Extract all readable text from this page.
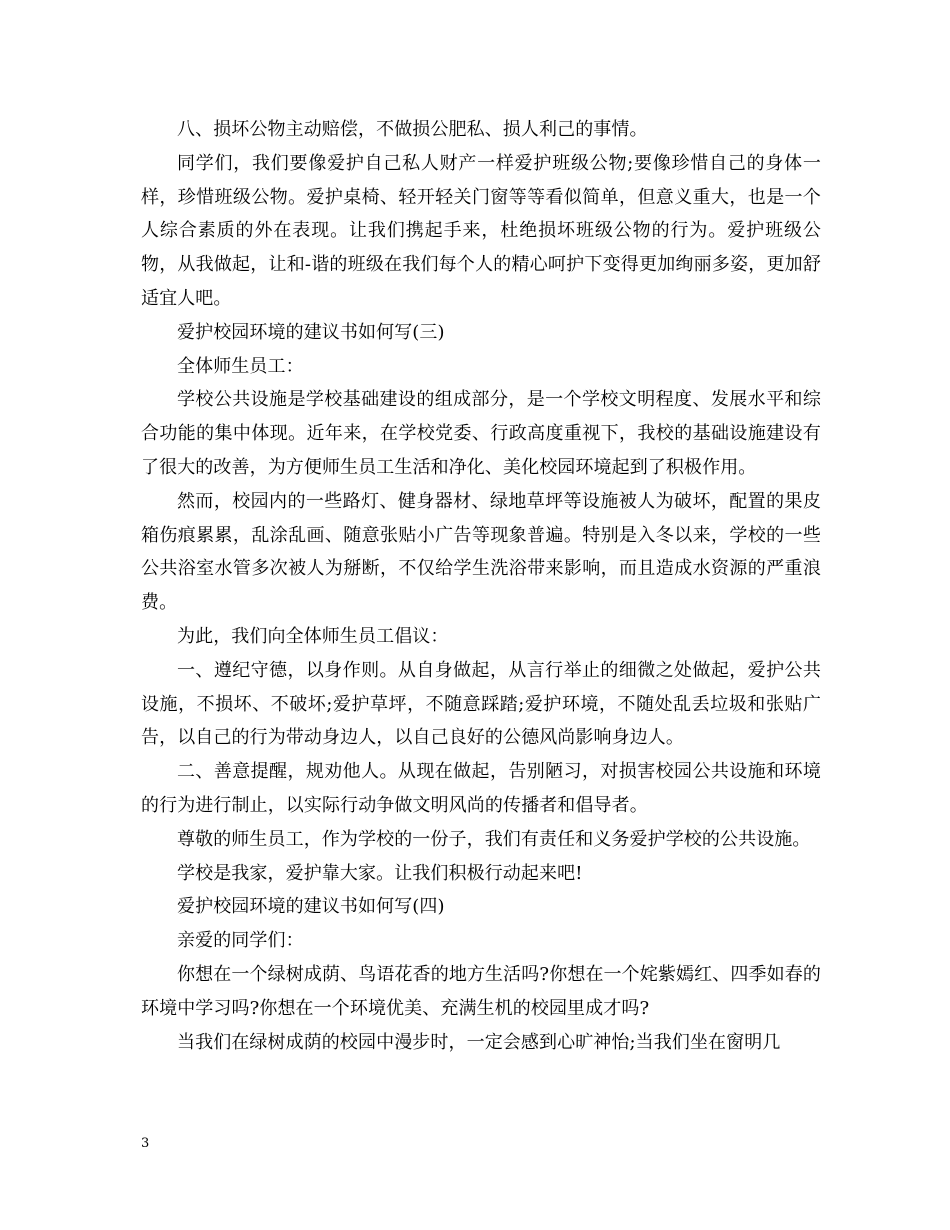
八、损坏公物主动赔偿，不做损公肥私、损人利己的事情。

同学们，我们要像爱护自己私人财产一样爱护班级公物;要像珍惜自己的身体一样，珍惜班级公物。爱护桌椅、轻开轻关门窗等等看似简单，但意义重大，也是一个人综合素质的外在表现。让我们携起手来，杜绝损坏班级公物的行为。爱护班级公物，从我做起，让和-谐的班级在我们每个人的精心呵护下变得更加绚丽多姿，更加舒适宜人吧。

爱护校园环境的建议书如何写(三)

全体师生员工：

学校公共设施是学校基础建设的组成部分，是一个学校文明程度、发展水平和综合功能的集中体现。近年来，在学校党委、行政高度重视下，我校的基础设施建设有了很大的改善，为方便师生员工生活和净化、美化校园环境起到了积极作用。

然而，校园内的一些路灯、健身器材、绿地草坪等设施被人为破坏，配置的果皮箱伤痕累累，乱涂乱画、随意张贴小广告等现象普遍。特别是入冬以来，学校的一些公共浴室水管多次被人为掰断，不仅给学生洗浴带来影响，而且造成水资源的严重浪费。

为此，我们向全体师生员工倡议：

一、遵纪守德，以身作则。从自身做起，从言行举止的细微之处做起，爱护公共设施，不损坏、不破坏;爱护草坪，不随意踩踏;爱护环境，不随处乱丢垃圾和张贴广告，以自己的行为带动身边人，以自己良好的公德风尚影响身边人。

二、善意提醒，规劝他人。从现在做起，告别陋习，对损害校园公共设施和环境的行为进行制止，以实际行动争做文明风尚的传播者和倡导者。

尊敬的师生员工，作为学校的一份子，我们有责任和义务爱护学校的公共设施。

学校是我家，爱护靠大家。让我们积极行动起来吧!

爱护校园环境的建议书如何写(四)

亲爱的同学们：

你想在一个绿树成荫、鸟语花香的地方生活吗?你想在一个姹紫嫣红、四季如春的环境中学习吗?你想在一个环境优美、充满生机的校园里成才吗?

当我们在绿树成荫的校园中漫步时，一定会感到心旷神怡;当我们坐在窗明几

3
